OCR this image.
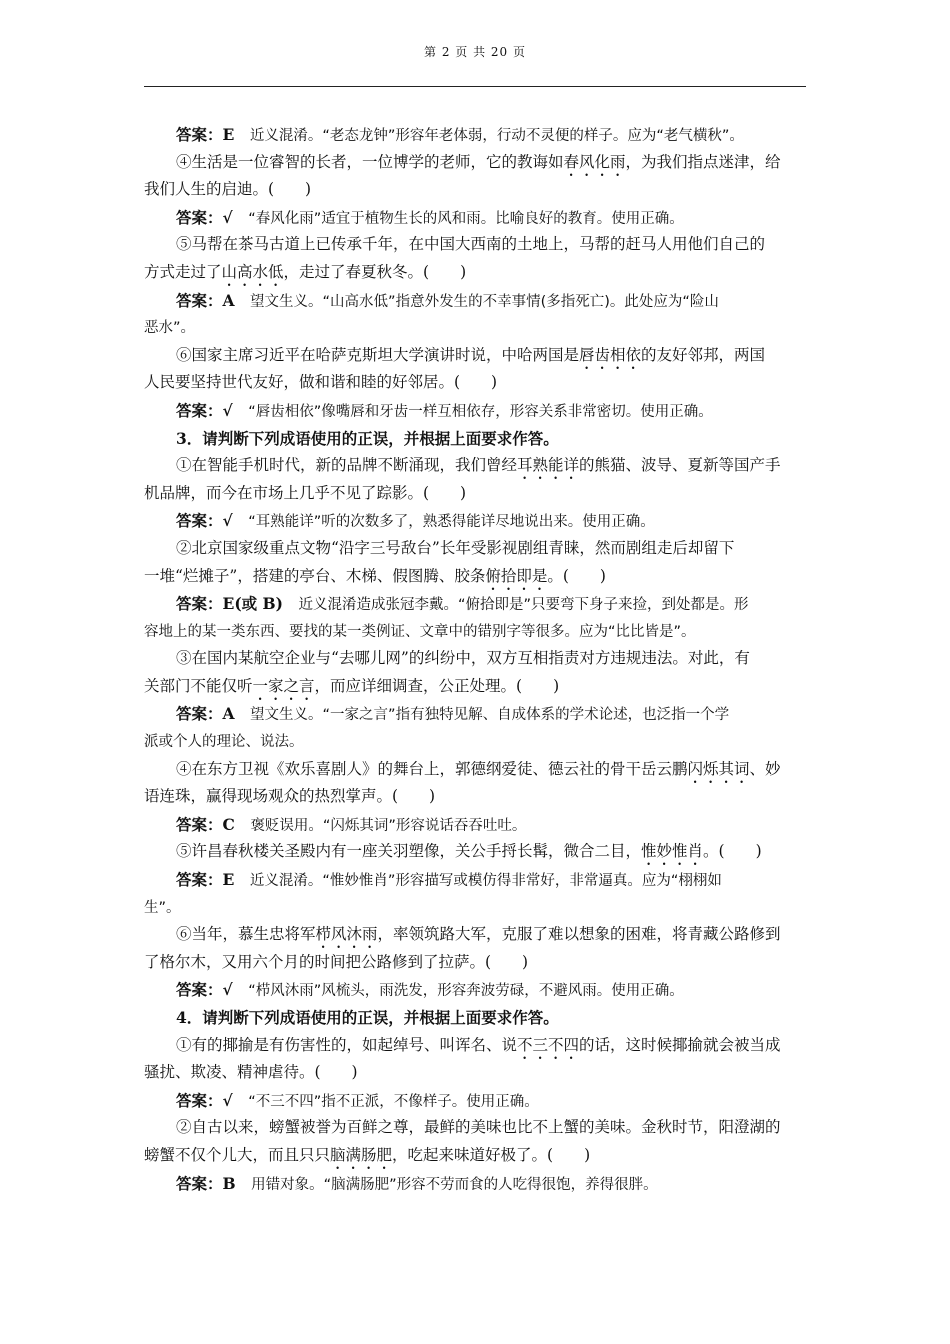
第 2 页 共 20 页
答案：E　近义混淆。“老态龙钟”形容年老体弱，行动不灵便的样子。应为“老气横秋”。
④生活是一位睿智的长者，一位博学的老师，它的教诲如春风化雨，为我们指点迷津，给
我们人生的启迪。(　　)
答案：√　“春风化雨”适宜于植物生长的风和雨。比喻良好的教育。使用正确。
⑤马帮在茶马古道上已传承千年，在中国大西南的土地上，马帮的赶马人用他们自己的
方式走过了山高水低，走过了春夏秋冬。(　　)
答案：A　望文生义。“山高水低”指意外发生的不幸事情(多指死亡)。此处应为“险山
恶水”。
⑥国家主席习近平在哈萨克斯坦大学演讲时说，中哈两国是唇齿相依的友好邻邦，两国
人民要坚持世代友好，做和谐和睦的好邻居。(　　)
答案：√　“唇齿相依”像嘴唇和牙齿一样互相依存，形容关系非常密切。使用正确。
3．请判断下列成语使用的正误，并根据上面要求作答。
①在智能手机时代，新的品牌不断涌现，我们曾经耳熟能详的熊猫、波导、夏新等国产手
机品牌，而今在市场上几乎不见了踪影。(　　)
答案：√　“耳熟能详”听的次数多了，熟悉得能详尽地说出来。使用正确。
②北京国家级重点文物“沿字三号敌台”长年受影视剧组青睐，然而剧组走后却留下
一堆“烂摊子”，搭建的亭台、木梯、假图腾、胶条俯拾即是。(　　)
答案：E(或 B)　近义混淆造成张冠李戴。“俯拾即是”只要弯下身子来捡，到处都是。形
容地上的某一类东西、要找的某一类例证、文章中的错别字等很多。应为“比比皆是”。
③在国内某航空企业与“去哪儿网”的纠纷中，双方互相指责对方违规违法。对此，有
关部门不能仅听一家之言，而应详细调查，公正处理。(　　)
答案：A　望文生义。“一家之言”指有独特见解、自成体系的学术论述，也泛指一个学
派或个人的理论、说法。
④在东方卫视《欢乐喜剧人》的舞台上，郭德纲爱徒、德云社的骨干岳云鹏闪烁其词、妙
语连珠，赢得现场观众的热烈掌声。(　　)
答案：C　褒贬误用。“闪烁其词”形容说话吞吞吐吐。
⑤许昌春秋楼关圣殿内有一座关羽塑像，关公手捋长髯，微合二目，惟妙惟肖。(　　)
答案：E　近义混淆。“惟妙惟肖”形容描写或模仿得非常好，非常逼真。应为“栩栩如
生”。
⑥当年，慕生忠将军栉风沐雨，率领筑路大军，克服了难以想象的困难，将青藏公路修到
了格尔木，又用六个月的时间把公路修到了拉萨。(　　)
答案：√　“栉风沐雨”风梳头，雨洗发，形容奔波劳碌，不避风雨。使用正确。
4．请判断下列成语使用的正误，并根据上面要求作答。
①有的揶揄是有伤害性的，如起绰号、叫诨名、说不三不四的话，这时候揶揄就会被当成
骚扰、欺凌、精神虐待。(　　)
答案：√　“不三不四”指不正派，不像样子。使用正确。
②自古以来，螃蟹被誉为百鲜之尊，最鲜的美味也比不上蟹的美味。金秋时节，阳澄湖的
螃蟹不仅个儿大，而且只只脑满肠肥，吃起来味道好极了。(　　)
答案：B　用错对象。“脑满肠肥”形容不劳而食的人吃得很饱，养得很胖。
